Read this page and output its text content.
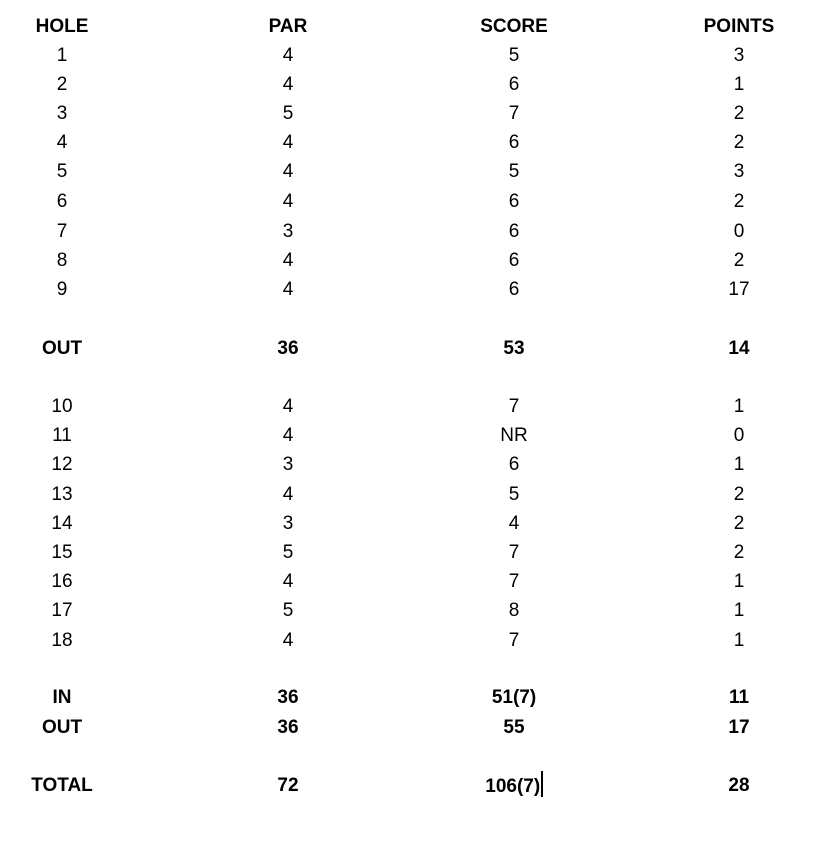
HOLE	PAR	SCORE	POINTS
1	4	5	3
2	4	6	1
3	5	7	2
4	4	6	2
5	4	5	3
6	4	6	2
7	3	6	0
8	4	6	2
9	4	6	17
OUT	36	53	14
10	4	7	1
11	4	NR	0
12	3	6	1
13	4	5	2
14	3	4	2
15	5	7	2
16	4	7	1
17	5	8	1
18	4	7	1
IN	36	51(7)	11
OUT	36	55	17
TOTAL	72	106(7)	28
